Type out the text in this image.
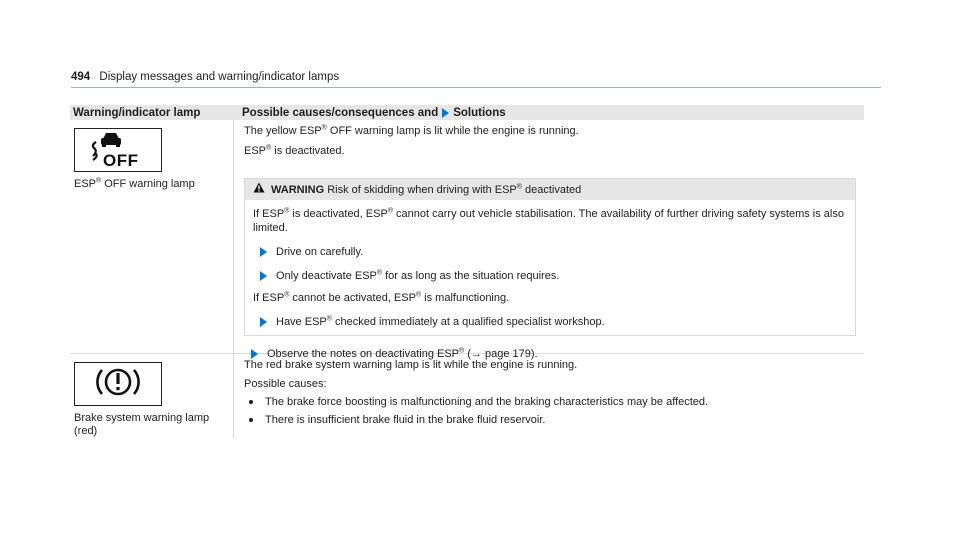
494 Display messages and warning/indicator lamps
Warning/indicator lamp	Possible causes/consequences and Solutions
OFF
ESP® OFF warning lamp

The yellow ESP® OFF warning lamp is lit while the engine is running.

ESP® is deactivated.

WARNING Risk of skidding when driving with ESP® deactivated

If ESP® is deactivated, ESP® cannot carry out vehicle stabilisation. The availability of further driving safety systems is also limited.

Drive on carefully.
Only deactivate ESP® for as long as the situation requires.

If ESP® cannot be activated, ESP® is malfunctioning.

Have ESP® checked immediately at a qualified specialist workshop.
Observe the notes on deactivating ESP® (→ page 179).
Brake system warning lamp (red)

The red brake system warning lamp is lit while the engine is running.

Possible causes:

The brake force boosting is malfunctioning and the braking characteristics may be affected.
There is insufficient brake fluid in the brake fluid reservoir.
